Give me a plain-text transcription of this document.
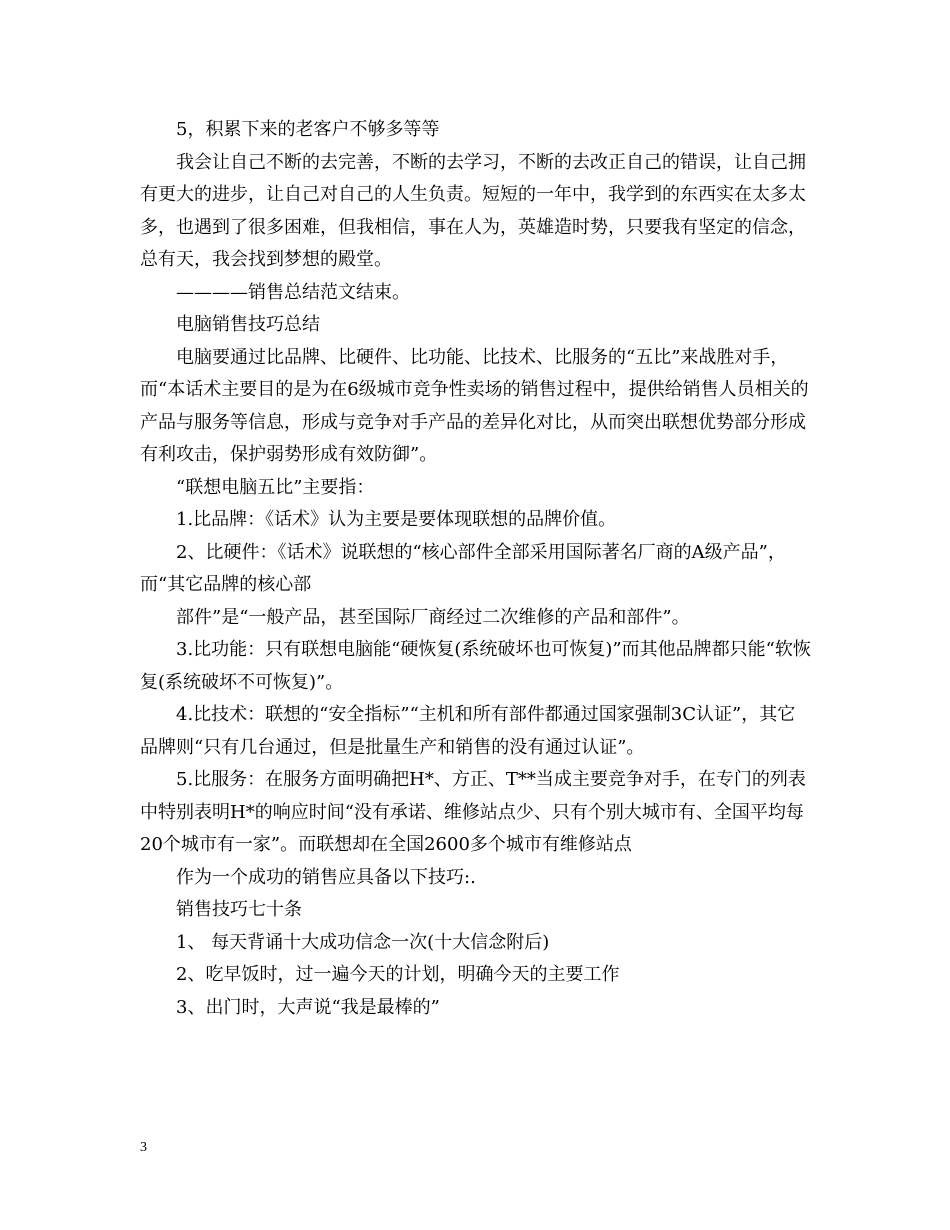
5，积累下来的老客户不够多等等

我会让自己不断的去完善，不断的去学习，不断的去改正自己的错误，让自己拥有更大的进步，让自己对自己的人生负责。短短的一年中，我学到的东西实在太多太多，也遇到了很多困难，但我相信，事在人为，英雄造时势，只要我有坚定的信念，总有天，我会找到梦想的殿堂。

————销售总结范文结束。

电脑销售技巧总结

电脑要通过比品牌、比硬件、比功能、比技术、比服务的“五比”来战胜对手，而“本话术主要目的是为在6级城市竞争性卖场的销售过程中，提供给销售人员相关的产品与服务等信息，形成与竞争对手产品的差异化对比，从而突出联想优势部分形成有利攻击，保护弱势形成有效防御”。

“联想电脑五比”主要指：

1.比品牌：《话术》认为主要是要体现联想的品牌价值。

2、比硬件：《话术》说联想的“核心部件全部采用国际著名厂商的A级产品”，而“其它品牌的核心部

部件”是“一般产品，甚至国际厂商经过二次维修的产品和部件”。

3.比功能：只有联想电脑能“硬恢复(系统破坏也可恢复)”而其他品牌都只能“软恢复(系统破坏不可恢复)”。

4.比技术：联想的“安全指标”“主机和所有部件都通过国家强制3C认证”，其它品牌则“只有几台通过，但是批量生产和销售的没有通过认证”。

5.比服务：在服务方面明确把H*、方正、T**当成主要竞争对手，在专门的列表中特别表明H*的响应时间“没有承诺、维修站点少、只有个别大城市有、全国平均每20个城市有一家”。而联想却在全国2600多个城市有维修站点

作为一个成功的销售应具备以下技巧:.

销售技巧七十条

1、 每天背诵十大成功信念一次(十大信念附后)

2、吃早饭时，过一遍今天的计划，明确今天的主要工作

3、出门时，大声说“我是最棒的”

3
